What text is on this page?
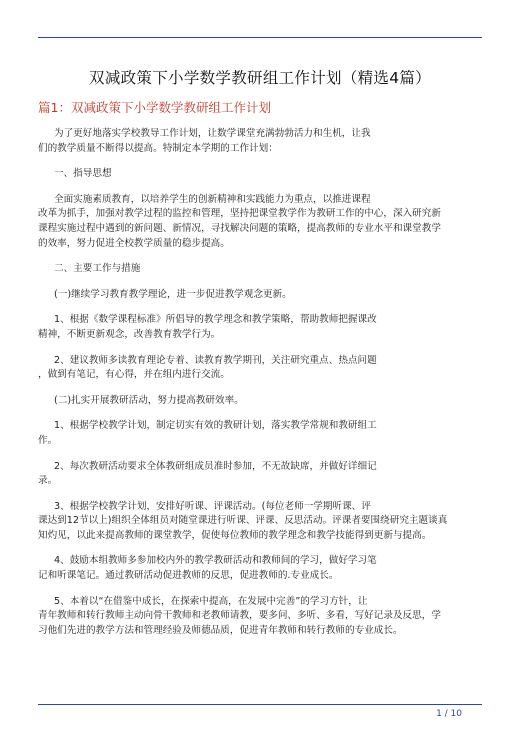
双减政策下小学数学教研组工作计划（精选4篇）
篇1：双减政策下小学数学教研组工作计划
为了更好地落实学校教导工作计划，让数学课堂充满勃勃活力和生机，让我
们的教学质量不断得以提高。特制定本学期的工作计划：
一、指导思想
全面实施素质教育，以培养学生的创新精神和实践能力为重点，以推进课程
改革为抓手，加强对教学过程的监控和管理，坚持把课堂教学作为教研工作的中心，深入研究新
课程实施过程中遇到的新问题、新情况，寻找解决问题的策略，提高教师的专业水平和课堂教学
的效率，努力促进全校教学质量的稳步提高。
二、主要工作与措施
(一)继续学习教育教学理论，进一步促进教学观念更新。
1、根据《数学课程标准》所倡导的教学理念和教学策略，帮助教师把握课改
精神，不断更新观念，改善教育教学行为。
2、建议教师多读教育理论专着、读教育教学期刊，关注研究重点、热点问题
，做到有笔记，有心得，并在组内进行交流。
(二)扎实开展教研活动，努力提高教研效率。
1、根据学校教学计划，制定切实有效的教研计划，落实教学常规和教研组工
作。
2、每次教研活动要求全体教研组成员准时参加，不无故缺席，并做好详细记
录。
3、根据学校教学计划，安排好听课、评课活动。(每位老师一学期听课、评
课达到12节以上)组织全体组员对随堂课进行听课、评课、反思活动。评课者要围绕研究主题谈真
知灼见，以此来提高教师的课堂教学，促使每位教师的教学理念和教学技能得到更新与提高。
4、鼓励本组教师多参加校内外的教学教研活动和教师间的学习，做好学习笔
记和听课笔记。通过教研活动促进教师的反思，促进教师的.专业成长。
5、本着以“在借鉴中成长，在探索中提高，在发展中完善”的学习方针，让
青年教师和转行教师主动向骨干教师和老教师请教，要多问、多听、多看，写好记录及反思，学
习他们先进的教学方法和管理经验及师德品质，促进青年教师和转行教师的专业成长。
1 / 10
